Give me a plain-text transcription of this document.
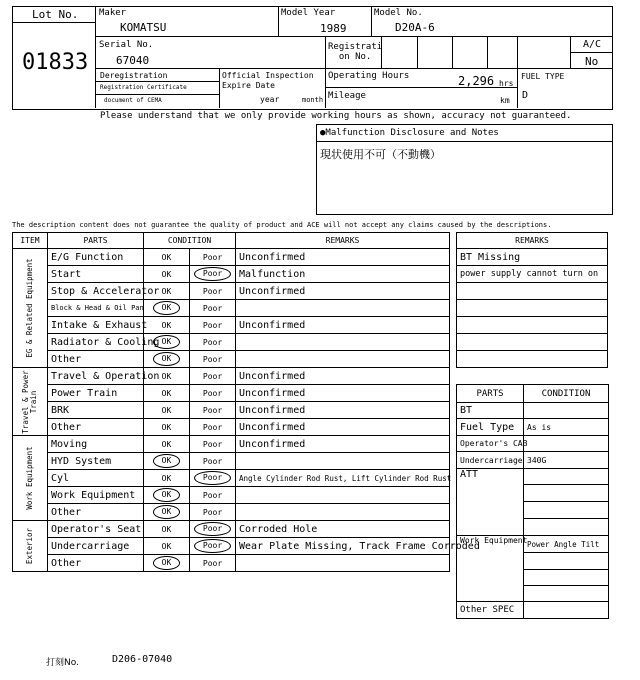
Lot No.
01833
Maker
KOMATSU
Model Year
1989
Model No.
D20A-6
Serial No.
67040
Registrati
on No.
A/C
No
Deregistration
Registration Certificate
document of CEMA
Official Inspection
Expire Date
year	month
Operating Hours	2,296 hrs
Mileage	km
FUEL TYPE
D
Please understand that we only provide working hours as shown, accuracy not guaranteed.
●Malfunction Disclosure and Notes
現状使用不可（不動機）
The description content does not guarantee the quality of product and ACE will not accept any claims caused by the descriptions.
ITEM	PARTS	CONDITION		REMARKS

EG & Related Equipment	E/G Function	OK	Poor	Unconfirmed
	Start	OK	Poor	Malfunction
	Stop & Accelerator	OK	Poor	Unconfirmed
	Block & Head & Oil Pan	OK	Poor	
	Intake & Exhaust	OK	Poor	Unconfirmed
	Radiator & Cooling	OK	Poor	
	Other	OK	Poor	

Travel & Power
Train	Travel & Operation	OK	Poor	Unconfirmed
	Power Train	OK	Poor	Unconfirmed
	BRK	OK	Poor	Unconfirmed
	Other	OK	Poor	Unconfirmed

Work Equipment	Moving	OK	Poor	Unconfirmed
	HYD System	OK	Poor	
	Cyl	OK	Poor	Angle Cylinder Rod Rust, Lift Cylinder Rod Rust
	Work Equipment	OK	Poor	
	Other	OK	Poor	

Exterior	Operator's Seat	OK	Poor	Corroded Hole
	Undercarriage	OK	Poor	Wear Plate Missing, Track Frame Corroded
	Other	OK	Poor	
REMARKS
BT Missing
power supply cannot turn on

PARTS	CONDITION
BT	
Fuel Type	As is
Operator's CAB	
Undercarriage	340G
ATT	

Work Equipment	Power Angle Tilt

Other SPEC	
打刻No.	D206-07040
